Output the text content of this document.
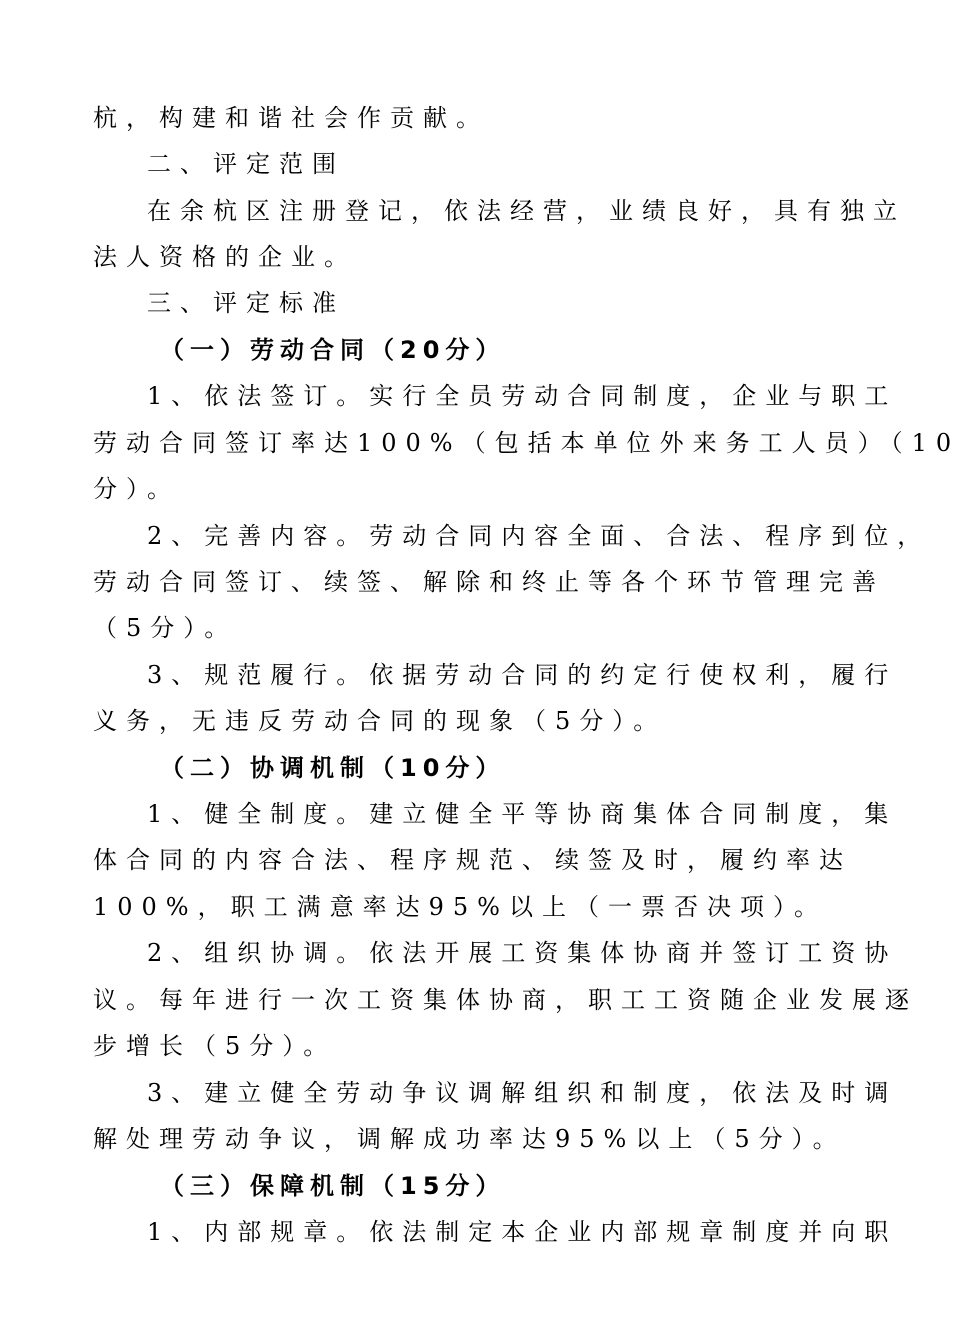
杭，构建和谐社会作贡献。
二、评定范围
在余杭区注册登记，依法经营，业绩良好，具有独立
法人资格的企业。
三、评定标准
（一）劳动合同（20分）
1、依法签订。实行全员劳动合同制度，企业与职工
劳动合同签订率达100%（包括本单位外来务工人员）（10
分）。
2、完善内容。劳动合同内容全面、合法、程序到位，
劳动合同签订、续签、解除和终止等各个环节管理完善
（5分）。
3、规范履行。依据劳动合同的约定行使权利，履行
义务，无违反劳动合同的现象（5分）。
（二）协调机制（10分）
1、健全制度。建立健全平等协商集体合同制度，集
体合同的内容合法、程序规范、续签及时，履约率达
100%，职工满意率达95%以上（一票否决项）。
2、组织协调。依法开展工资集体协商并签订工资协
议。每年进行一次工资集体协商，职工工资随企业发展逐
步增长（5分）。
3、建立健全劳动争议调解组织和制度，依法及时调
解处理劳动争议，调解成功率达95%以上（5分）。
（三）保障机制（15分）
1、内部规章。依法制定本企业内部规章制度并向职
